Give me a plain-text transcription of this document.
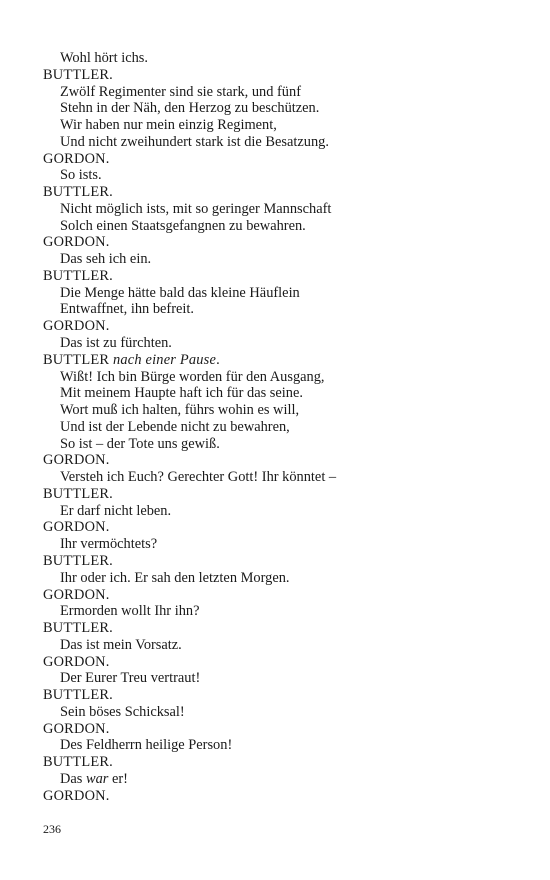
Wohl hört ichs.
BUTTLER.
Zwölf Regimenter sind sie stark, und fünf
Stehn in der Näh, den Herzog zu beschützen.
Wir haben nur mein einzig Regiment,
Und nicht zweihundert stark ist die Besatzung.
GORDON.
So ists.
BUTTLER.
Nicht möglich ists, mit so geringer Mannschaft
Solch einen Staatsgefangnen zu bewahren.
GORDON.
Das seh ich ein.
BUTTLER.
Die Menge hätte bald das kleine Häuflein
Entwaffnet, ihn befreit.
GORDON.
Das ist zu fürchten.
BUTTLER nach einer Pause.
Wißt! Ich bin Bürge worden für den Ausgang,
Mit meinem Haupte haft ich für das seine.
Wort muß ich halten, führs wohin es will,
Und ist der Lebende nicht zu bewahren,
So ist – der Tote uns gewiß.
GORDON.
Versteh ich Euch? Gerechter Gott! Ihr könntet –
BUTTLER.
Er darf nicht leben.
GORDON.
Ihr vermöchtets?
BUTTLER.
Ihr oder ich. Er sah den letzten Morgen.
GORDON.
Ermorden wollt Ihr ihn?
BUTTLER.
Das ist mein Vorsatz.
GORDON.
Der Eurer Treu vertraut!
BUTTLER.
Sein böses Schicksal!
GORDON.
Des Feldherrn heilige Person!
BUTTLER.
Das war er!
GORDON.
236
